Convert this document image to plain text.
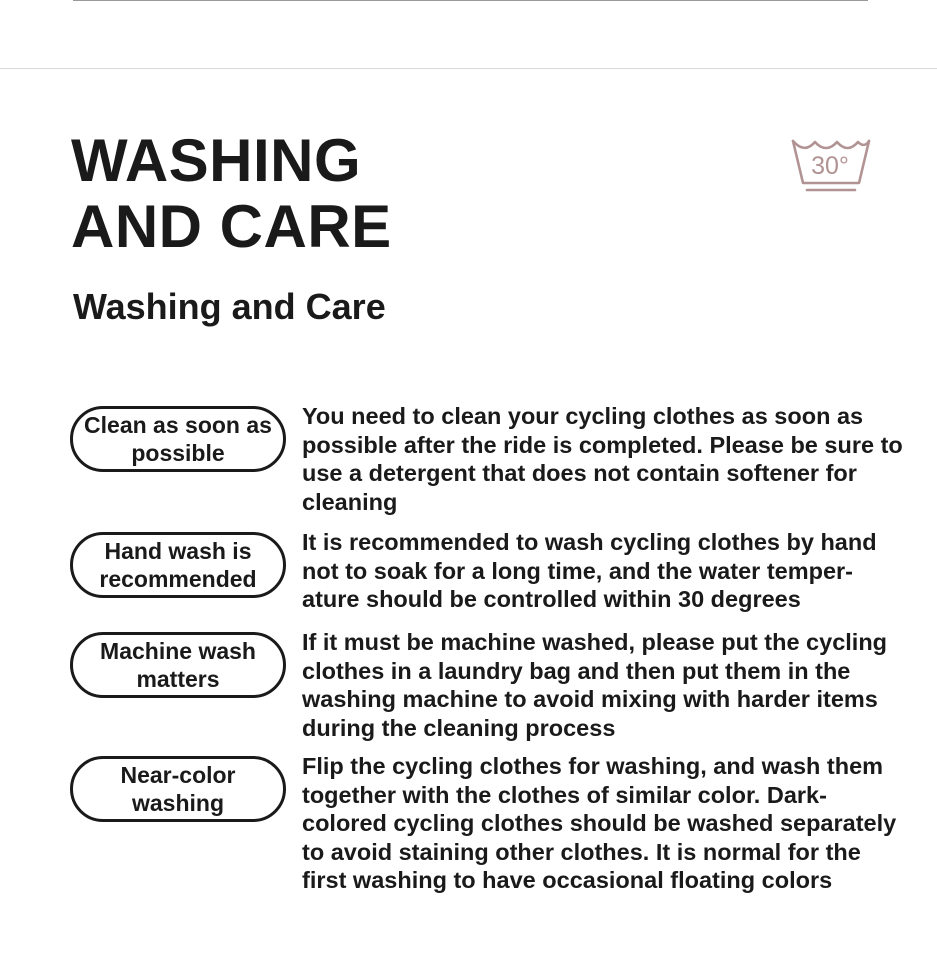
WASHING
AND CARE
Washing and Care
30°
Clean as soon as possible

You need to clean your cycling clothes as soon as possible after the ride is completed. Please be sure to use a detergent that does not contain softener for cleaning

Hand wash is recommended

It is recommended to wash cycling clothes by hand not to soak for a long time, and the water temper-ature should be controlled within 30 degrees

Machine wash matters

If it must be machine washed, please put the cycling clothes in a laundry bag and then put them in the washing machine to avoid mixing with harder items during the cleaning process

Near-color washing

Flip the cycling clothes for washing, and wash them together with the clothes of similar color. Dark-colored cycling clothes should be washed separately to avoid staining other clothes. It is normal for the first washing to have occasional floating colors
